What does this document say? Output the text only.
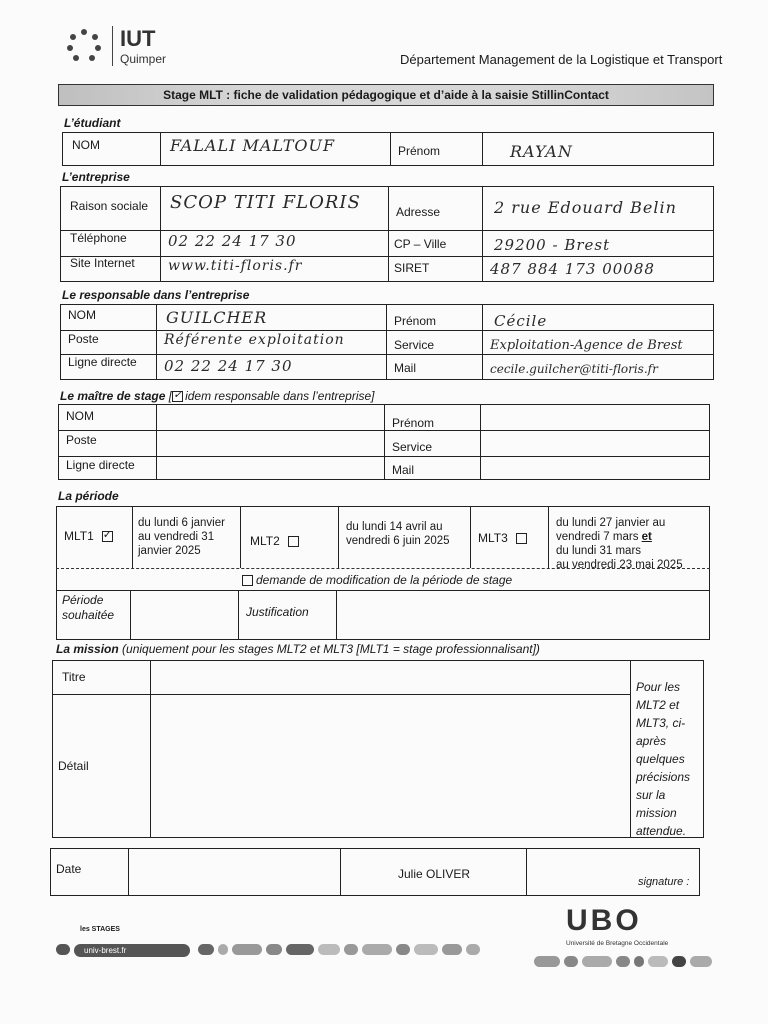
IUT
Quimper	Département Management de la Logistique et Transport
Stage MLT : fiche de validation pédagogique et d’aide à la saisie StillinContact
L’étudiant
NOM	FALALI MALTOUF	Prénom	RAYAN
L’entreprise
Raison sociale SCOP TITI FLORIS	Adresse	2 rue Edouard Belin
Téléphone	02 22 24 17 30	CP – Ville	29200 - Brest
Site Internet www.titi-floris.fr	SIRET	487 884 173 00088
Le responsable dans l’entreprise
NOM	GUILCHER	Prénom	Cécile
Poste	Référente exploitation	Service	Exploitation-Agence de Brest
Ligne directe 02 22 24 17 30	Mail	cecile.guilcher@titi-floris.fr
Le maître de stage [✓ idem responsable dans l’entreprise]
NOM	Prénom
Poste	Service
Ligne directe	Mail
La période
MLT1✓
du lundi 6 janvier au vendredi 31 janvier 2025
MLT2
du lundi 14 avril au vendredi 6 juin 2025	MLT3
du lundi 27 janvier au
vendredi 7 mars et
du lundi 31 mars
au vendredi 23 mai 2025
demande de modification de la période de stage
Période souhaitée	Justification
La mission (uniquement pour les stages MLT2 et MLT3 [MLT1 = stage professionnalisant])
Titre
Détail
Pour les MLT2 et MLT3, ci-après quelques précisions sur la mission attendue.
Date	Julie OLIVER
signature :
les STAGES
univ-brest.fr
UBO
Université de Bretagne Occidentale
